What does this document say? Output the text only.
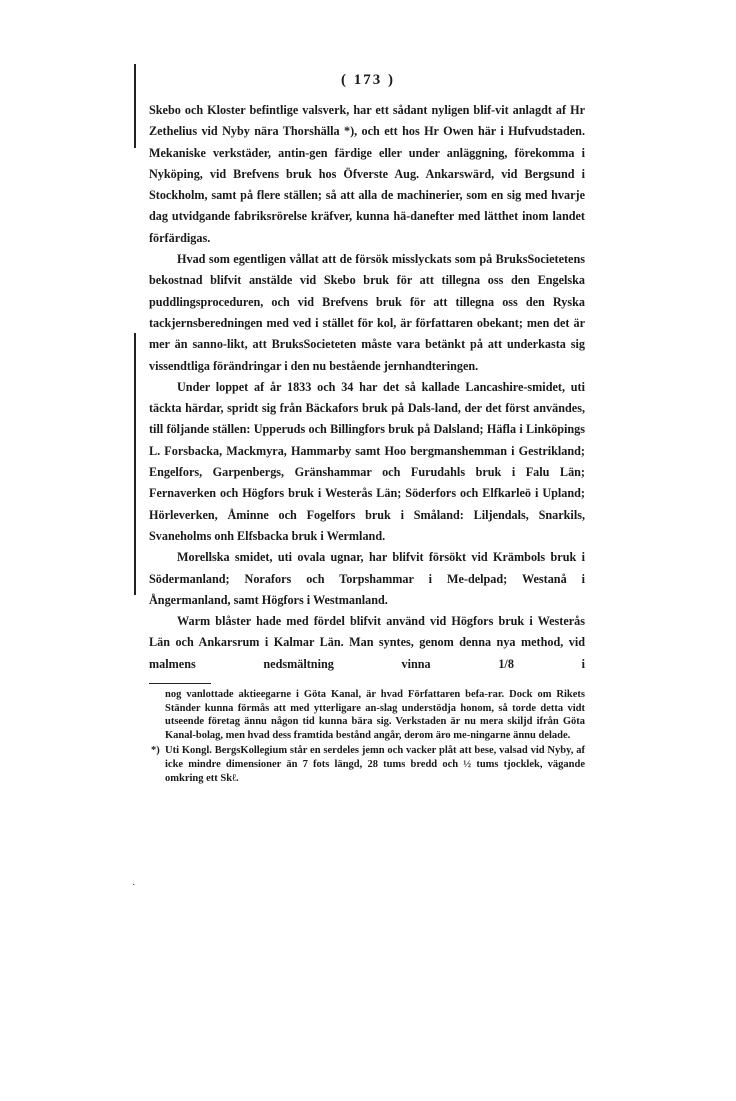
( 173 )
·

Skebo och Kloster befintlige valsverk, har ett sådant nyligen blif-vit anlagdt af Hr Zethelius vid Nyby nära Thorshälla *), och ett hos Hr Owen här i Hufvudstaden. Mekaniske verkstäder, antin-gen färdige eller under anläggning, förekomma i Nyköping, vid Brefvens bruk hos Öfverste Aug. Ankarswärd, vid Bergsund i Stockholm, samt på flere ställen; så att alla de machinerier, som en sig med hvarje dag utvidgande fabriksrörelse kräfver, kunna hä-danefter med lätthet inom landet förfärdigas.

Hvad som egentligen vållat att de försök misslyckats som på BruksSocietetens bekostnad blifvit anstälde vid Skebo bruk för att tillegna oss den Engelska puddlingsproceduren, och vid Brefvens bruk för att tillegna oss den Ryska tackjernsberedningen med ved i stället för kol, är författaren obekant; men det är mer än sanno-likt, att BruksSocieteten måste vara betänkt på att underkasta sig vissendtliga förändringar i den nu bestående jernhandteringen.

Under loppet af år 1833 och 34 har det så kallade Lancashire-smidet, uti täckta härdar, spridt sig från Bäckafors bruk på Dals-land, der det först användes, till följande ställen: Upperuds och Billingfors bruk på Dalsland; Häfla i Linköpings L. Forsbacka, Mackmyra, Hammarby samt Hoo bergmanshemman i Gestrikland; Engelfors, Garpenbergs, Gränshammar och Furudahls bruk i Falu Län; Fernaverken och Högfors bruk i Westerås Län; Söderfors och Elfkarleö i Upland; Hörleverken, Åminne och Fogelfors bruk i Småland: Liljendals, Snarkils, Svaneholms onh Elfsbacka bruk i Wermland.

Morellska smidet, uti ovala ugnar, har blifvit försökt vid Krämbols bruk i Södermanland; Norafors och Torpshammar i Me-delpad; Westanå i Ångermanland, samt Högfors i Westmanland.

Warm blåster hade med fördel blifvit använd vid Högfors bruk i Westerås Län och Ankarsrum i Kalmar Län. Man syntes, genom denna nya method, vid malmens nedsmältning vinna 1/8 i

nog vanlottade aktieegarne i Göta Kanal, är hvad Författaren befa-rar. Dock om Rikets Ständer kunna förmås att med ytterligare an-slag understödja honom, så torde detta vidt utseende företag ännu någon tid kunna bära sig. Verkstaden är nu mera skiljd ifrån Göta Kanal-bolag, men hvad dess framtida bestånd angår, derom äro me-ningarne ännu delade.

*) Uti Kongl. BergsKollegium står en serdeles jemn och vacker plåt att bese, valsad vid Nyby, af icke mindre dimensioner än 7 fots längd, 28 tums bredd och ½ tums tjocklek, vägande omkring ett Skℓ.
